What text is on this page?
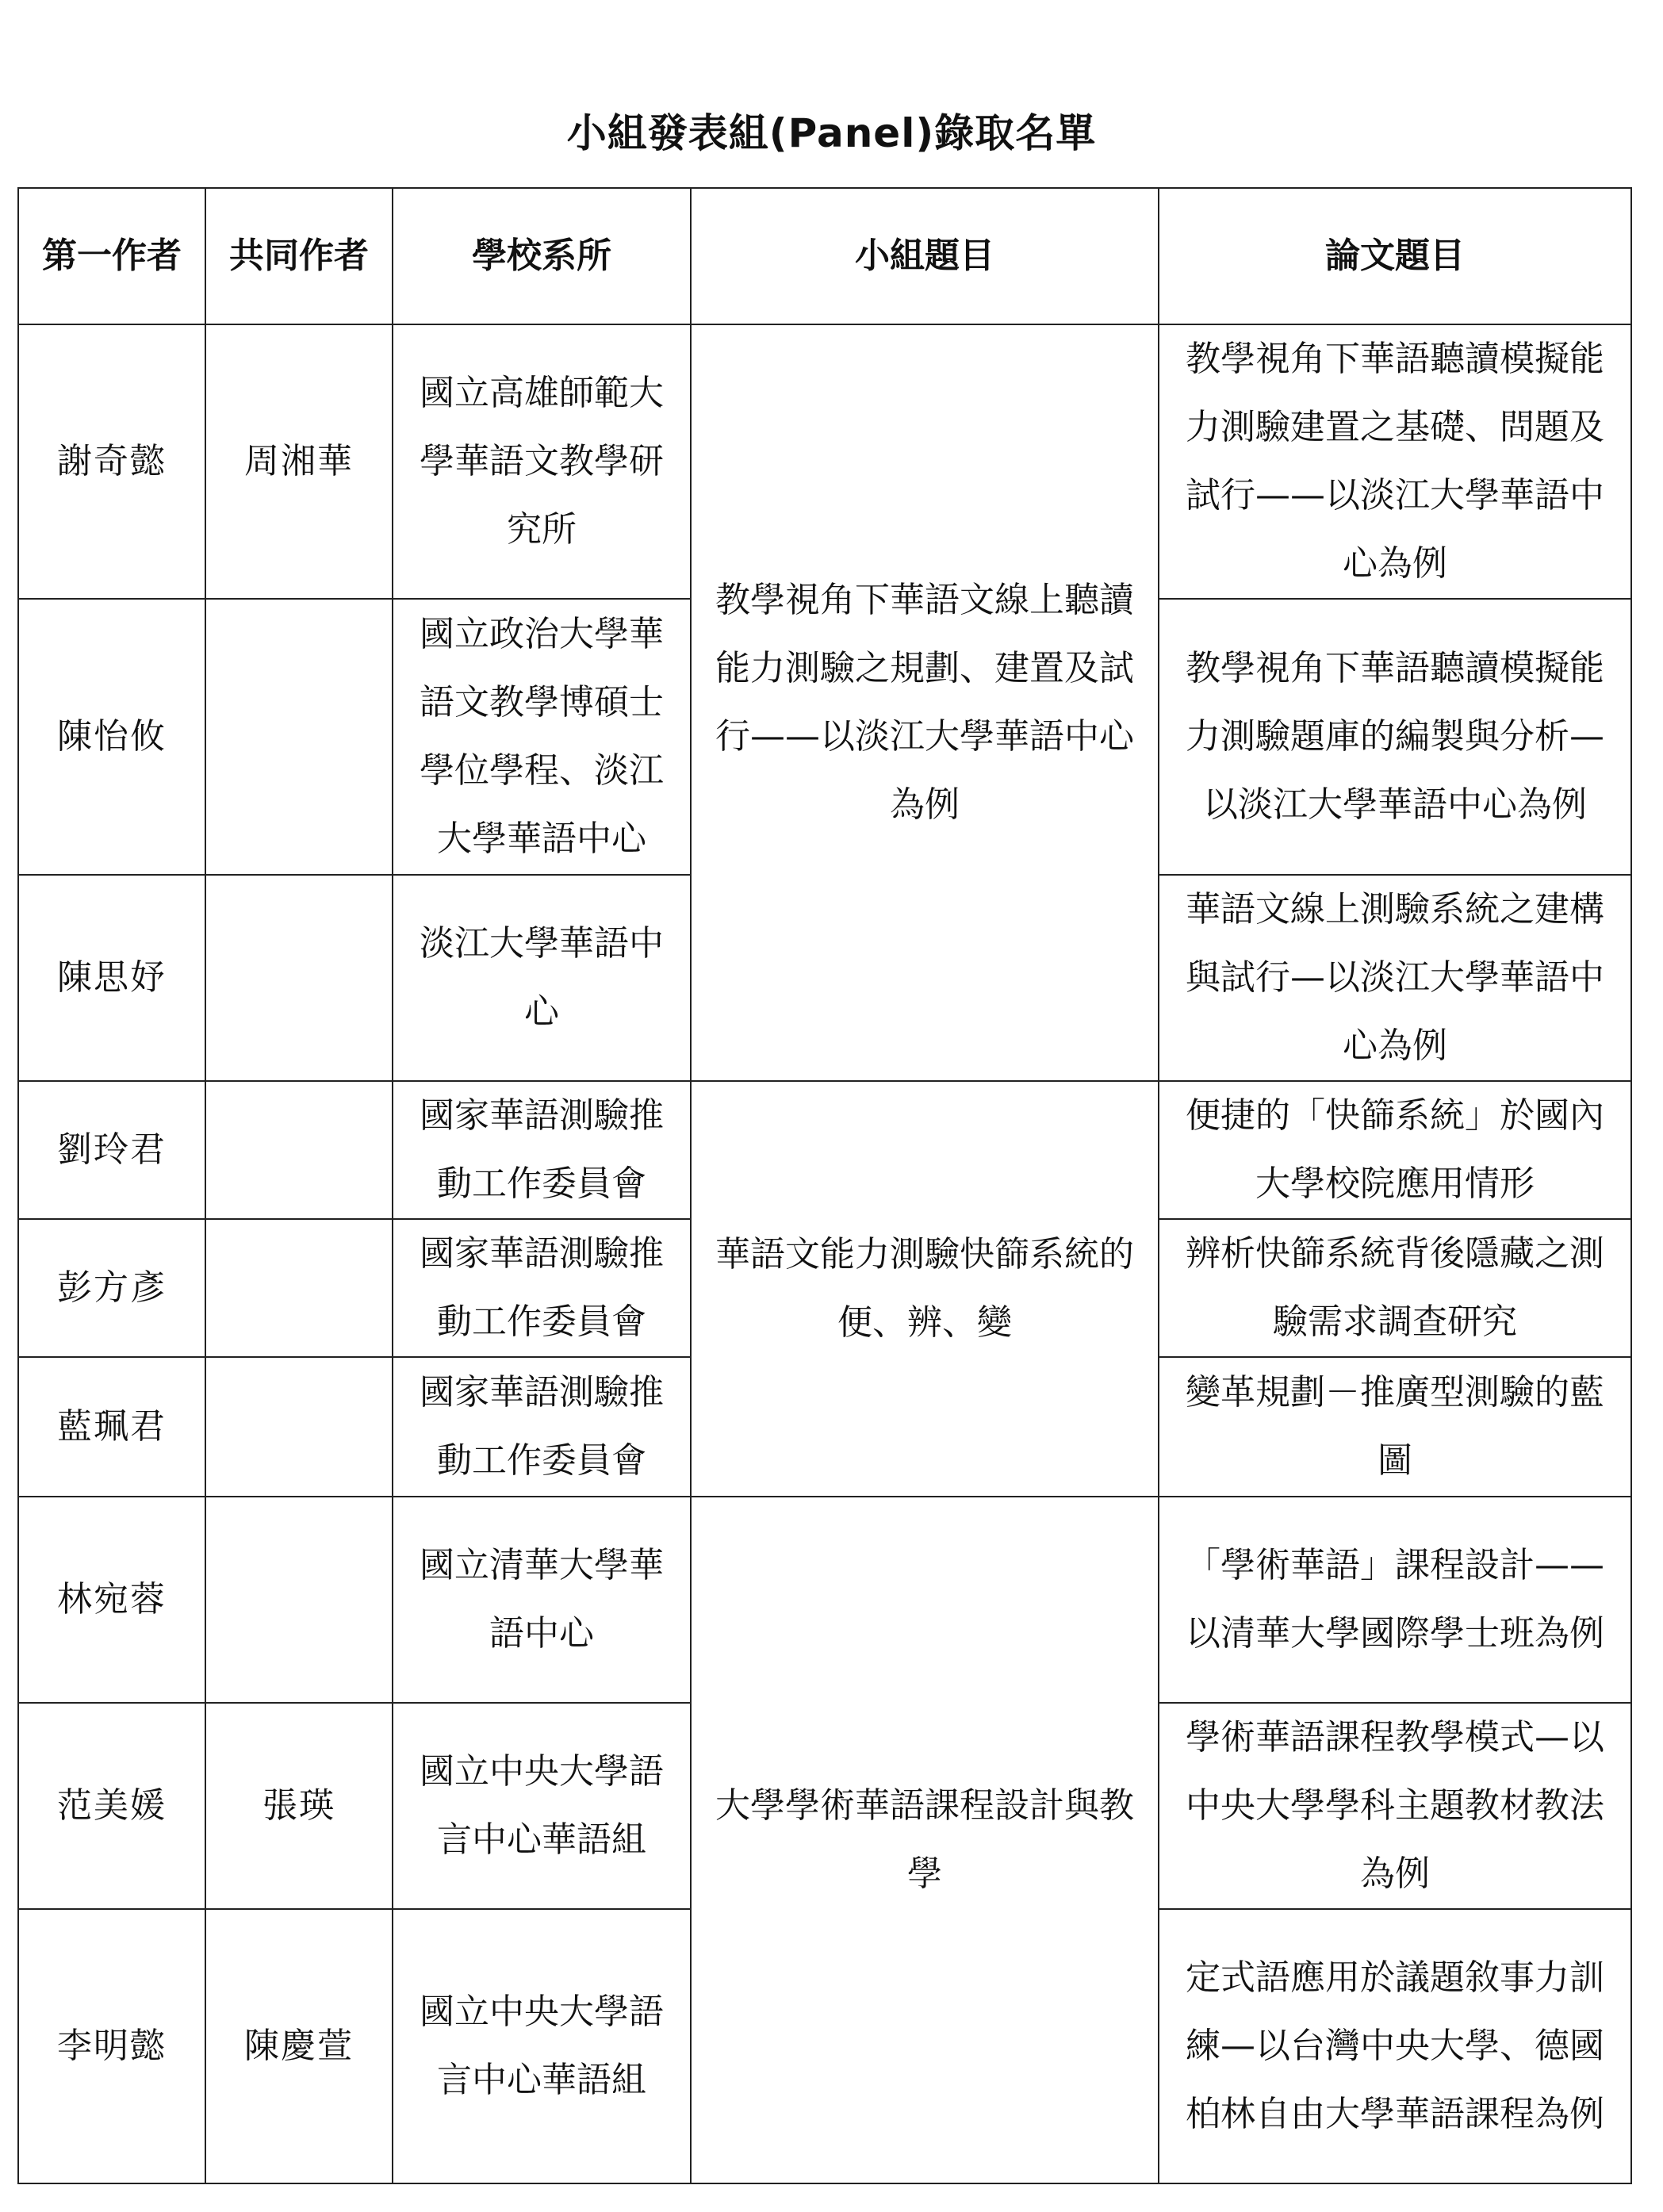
小組發表組(Panel)錄取名單
第一作者	共同作者	學校系所	小組題目	論文題目
謝奇懿	周湘華	國立高雄師範大學華語文教學研究所	教學視角下華語文線上聽讀能力測驗之規劃、建置及試行——以淡江大學華語中心為例	教學視角下華語聽讀模擬能力測驗建置之基礎、問題及試行——以淡江大學華語中心為例
陳怡攸		國立政治大學華語文教學博碩士學位學程、淡江大學華語中心		教學視角下華語聽讀模擬能力測驗題庫的編製與分析—以淡江大學華語中心為例
陳思妤		淡江大學華語中心		華語文線上測驗系統之建構與試行—以淡江大學華語中心為例
劉玲君		國家華語測驗推動工作委員會	華語文能力測驗快篩系統的便、辨、變	便捷的「快篩系統」於國內大學校院應用情形
彭方彥		國家華語測驗推動工作委員會		辨析快篩系統背後隱藏之測驗需求調查研究
藍珮君		國家華語測驗推動工作委員會		變革規劃－推廣型測驗的藍圖
林宛蓉		國立清華大學華語中心	大學學術華語課程設計與教學	「學術華語」課程設計——以清華大學國際學士班為例
范美媛	張瑛	國立中央大學語言中心華語組		學術華語課程教學模式—以中央大學學科主題教材教法為例
李明懿	陳慶萱	國立中央大學語言中心華語組		定式語應用於議題敘事力訓練—以台灣中央大學、德國柏林自由大學華語課程為例
